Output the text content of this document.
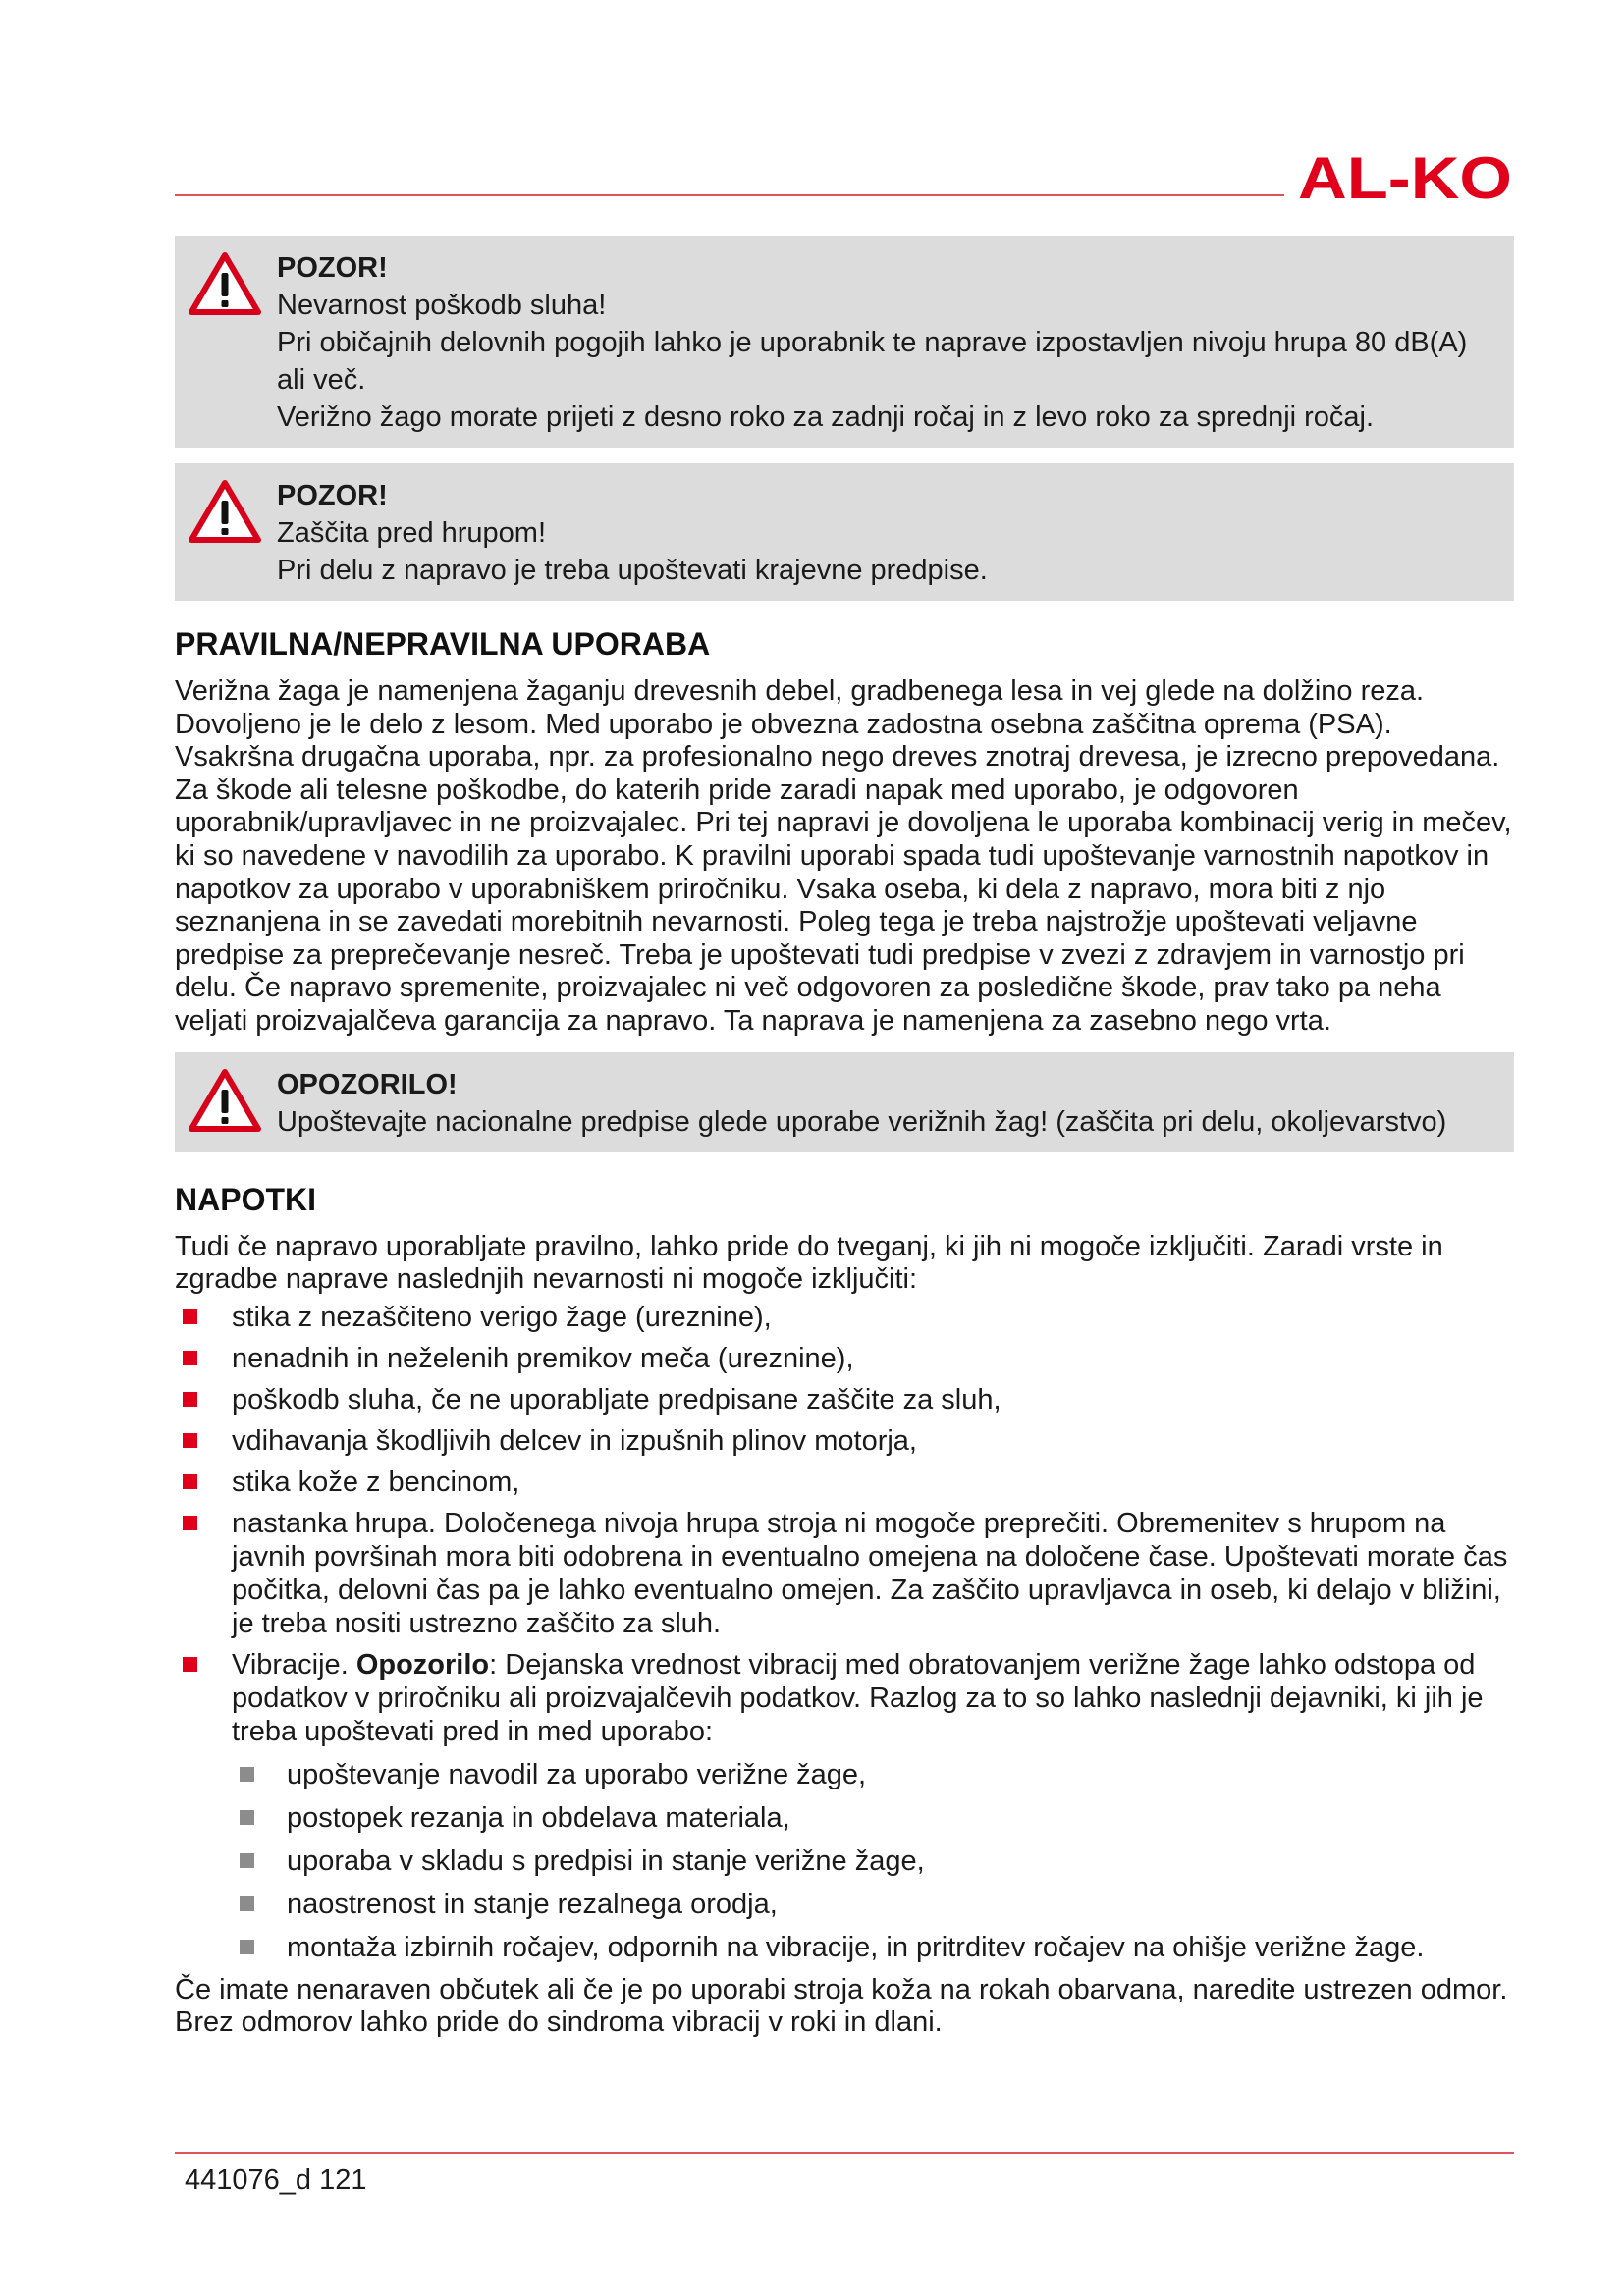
AL-KO

POZOR!

Nevarnost poškodb sluha!

Pri običajnih delovnih pogojih lahko je uporabnik te naprave izpostavljen nivoju hrupa 80 dB(A) ali več.

Verižno žago morate prijeti z desno roko za zadnji ročaj in z levo roko za sprednji ročaj.

POZOR!

Zaščita pred hrupom!

Pri delu z napravo je treba upoštevati krajevne predpise.

PRAVILNA/NEPRAVILNA UPORABA

Verižna žaga je namenjena žaganju drevesnih debel, gradbenega lesa in vej glede na dolžino reza. Dovoljeno je le delo z lesom. Med uporabo je obvezna zadostna osebna zaščitna oprema (PSA). Vsakršna drugačna uporaba, npr. za profesionalno nego dreves znotraj drevesa, je izrecno prepovedana. Za škode ali telesne poškodbe, do katerih pride zaradi napak med uporabo, je odgovoren uporabnik/upravljavec in ne proizvajalec. Pri tej napravi je dovoljena le uporaba kombinacij verig in mečev, ki so navedene v navodilih za uporabo. K pravilni uporabi spada tudi upoštevanje varnostnih napotkov in napotkov za uporabo v uporabniškem priročniku. Vsaka oseba, ki dela z napravo, mora biti z njo seznanjena in se zavedati morebitnih nevarnosti. Poleg tega je treba najstrožje upoštevati veljavne predpise za preprečevanje nesreč. Treba je upoštevati tudi predpise v zvezi z zdravjem in varnostjo pri delu. Če napravo spremenite, proizvajalec ni več odgovoren za posledične škode, prav tako pa neha veljati proizvajalčeva garancija za napravo. Ta naprava je namenjena za zasebno nego vrta.

OPOZORILO!

Upoštevajte nacionalne predpise glede uporabe verižnih žag! (zaščita pri delu, okoljevarstvo)

NAPOTKI

Tudi če napravo uporabljate pravilno, lahko pride do tveganj, ki jih ni mogoče izključiti. Zaradi vrste in zgradbe naprave naslednjih nevarnosti ni mogoče izključiti:

stika z nezaščiteno verigo žage (ureznine),
nenadnih in neželenih premikov meča (ureznine),
poškodb sluha, če ne uporabljate predpisane zaščite za sluh,
vdihavanja škodljivih delcev in izpušnih plinov motorja,
stika kože z bencinom,
nastanka hrupa. Določenega nivoja hrupa stroja ni mogoče preprečiti. Obremenitev s hrupom na javnih površinah mora biti odobrena in eventualno omejena na določene čase. Upoštevati morate čas počitka, delovni čas pa je lahko eventualno omejen. Za zaščito upravljavca in oseb, ki delajo v bližini, je treba nositi ustrezno zaščito za sluh.
Vibracije. Opozorilo: Dejanska vrednost vibracij med obratovanjem verižne žage lahko odstopa od podatkov v priročniku ali proizvajalčevih podatkov. Razlog za to so lahko naslednji dejavniki, ki jih je treba upoštevati pred in med uporabo:
upoštevanje navodil za uporabo verižne žage,
postopek rezanja in obdelava materiala,
uporaba v skladu s predpisi in stanje verižne žage,
naostrenost in stanje rezalnega orodja,
montaža izbirnih ročajev, odpornih na vibracije, in pritrditev ročajev na ohišje verižne žage.

Če imate nenaraven občutek ali če je po uporabi stroja koža na rokah obarvana, naredite ustrezen odmor. Brez odmorov lahko pride do sindroma vibracij v roki in dlani.

441076_d 121
